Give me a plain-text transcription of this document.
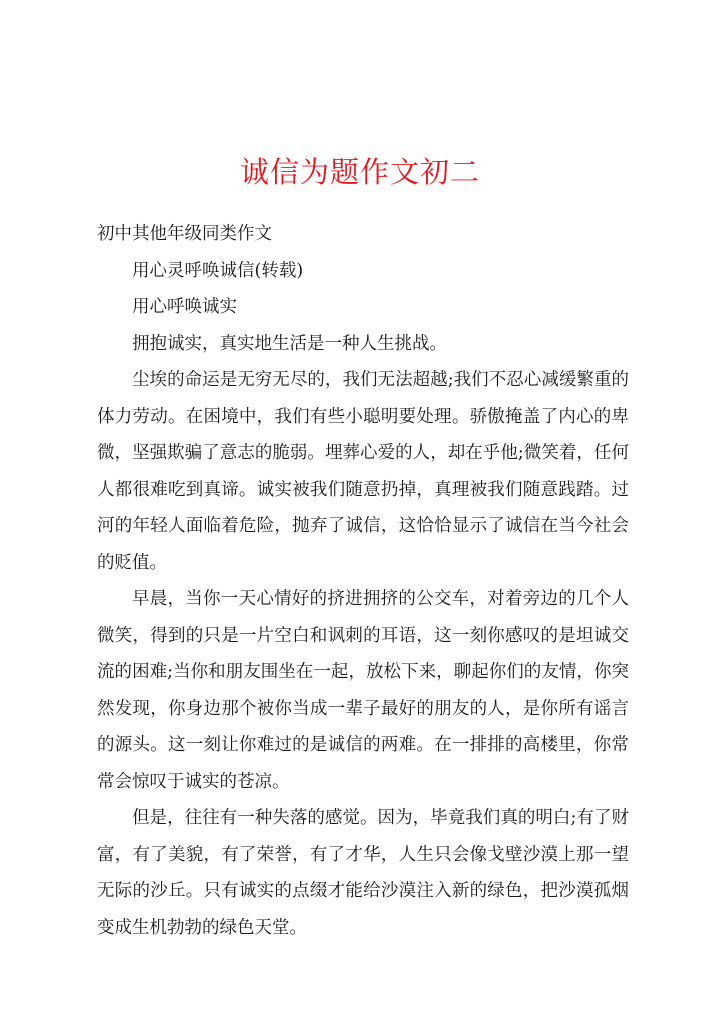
诚信为题作文初二
初中其他年级同类作文
用心灵呼唤诚信(转载)
用心呼唤诚实

拥抱诚实，真实地生活是一种人生挑战。

尘埃的命运是无穷无尽的，我们无法超越;我们不忍心减缓繁重的体力劳动。在困境中，我们有些小聪明要处理。骄傲掩盖了内心的卑微，坚强欺骗了意志的脆弱。埋葬心爱的人，却在乎他;微笑着，任何人都很难吃到真谛。诚实被我们随意扔掉，真理被我们随意践踏。过河的年轻人面临着危险，抛弃了诚信，这恰恰显示了诚信在当今社会的贬值。

早晨，当你一天心情好的挤进拥挤的公交车，对着旁边的几个人微笑，得到的只是一片空白和讽刺的耳语，这一刻你感叹的是坦诚交流的困难;当你和朋友围坐在一起，放松下来，聊起你们的友情，你突然发现，你身边那个被你当成一辈子最好的朋友的人，是你所有谣言的源头。这一刻让你难过的是诚信的两难。在一排排的高楼里，你常常会惊叹于诚实的苍凉。

但是，往往有一种失落的感觉。因为，毕竟我们真的明白;有了财富，有了美貌，有了荣誉，有了才华，人生只会像戈壁沙漠上那一望无际的沙丘。只有诚实的点缀才能给沙漠注入新的绿色，把沙漠孤烟变成生机勃勃的绿色天堂。
